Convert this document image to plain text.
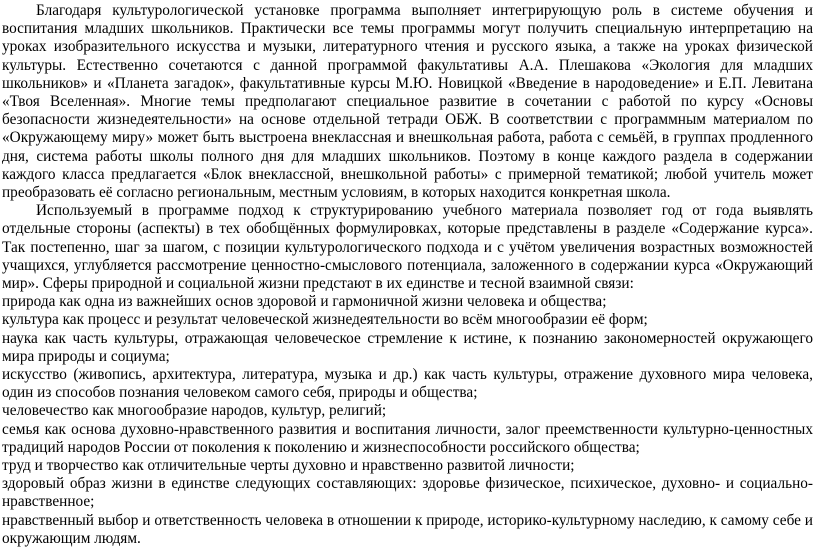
Благодаря культурологической установке программа выполняет интегрирующую роль в системе обучения и воспитания младших школьников. Практически все темы программы могут получить специальную интерпретацию на уроках изобразительного искусства и музыки, литературного чтения и русского языка, а также на уроках физической культуры. Естественно сочетаются с данной программой факультативы А.А. Плешакова «Экология для младших школьников» и «Планета загадок», факультативные курсы М.Ю. Новицкой «Введение в народоведение» и Е.П. Левитана «Твоя Вселенная». Многие темы предполагают специальное развитие в сочетании с работой по курсу «Основы безопасности жизнедеятельности» на основе отдельной тетради ОБЖ. В соответствии с программным материалом по «Окружающему миру» может быть выстроена внеклассная и внешкольная работа, работа с семьёй, в группах продленного дня, система работы школы полного дня для младших школьников. Поэтому в конце каждого раздела в содержании каждого класса предлагается «Блок внеклассной, внешкольной работы» с примерной тематикой; любой учитель может преобразовать её согласно региональным, местным условиям, в которых находится конкретная школа.

Используемый в программе подход к структурированию учебного материала позволяет год от года выявлять отдельные стороны (аспекты) в тех обобщённых формулировках, которые представлены в разделе «Содержание курса». Так постепенно, шаг за шагом, с позиции культурологического подхода и с учётом увеличения возрастных возможностей учащихся, углубляется рассмотрение ценностно-смыслового потенциала, заложенного в содержании курса «Окружающий мир». Сферы природной и социальной жизни предстают в их единстве и тесной взаимной связи:

природа как одна из важнейших основ здоровой и гармоничной жизни человека и общества;

культура как процесс и результат человеческой жизнедеятельности во всём многообразии её форм;

наука как часть культуры, отражающая человеческое стремление к истине, к познанию закономерностей окружающего мира природы и социума;

искусство (живопись, архитектура, литература, музыка и др.) как часть культуры, отражение духовного мира человека, один из способов познания человеком самого себя, природы и общества;

человечество как многообразие народов, культур, религий;

семья как основа духовно-нравственного развития и воспитания личности, залог преемственности культурно-ценностных традиций народов России от поколения к поколению и жизнеспособности российского общества;

труд и творчество как отличительные черты духовно и нравственно развитой личности;

здоровый образ жизни в единстве следующих составляющих: здоровье физическое, психическое, духовно- и социально-нравственное;

нравственный выбор и ответственность человека в отношении к природе, историко-культурному наследию, к самому себе и окружающим людям.
